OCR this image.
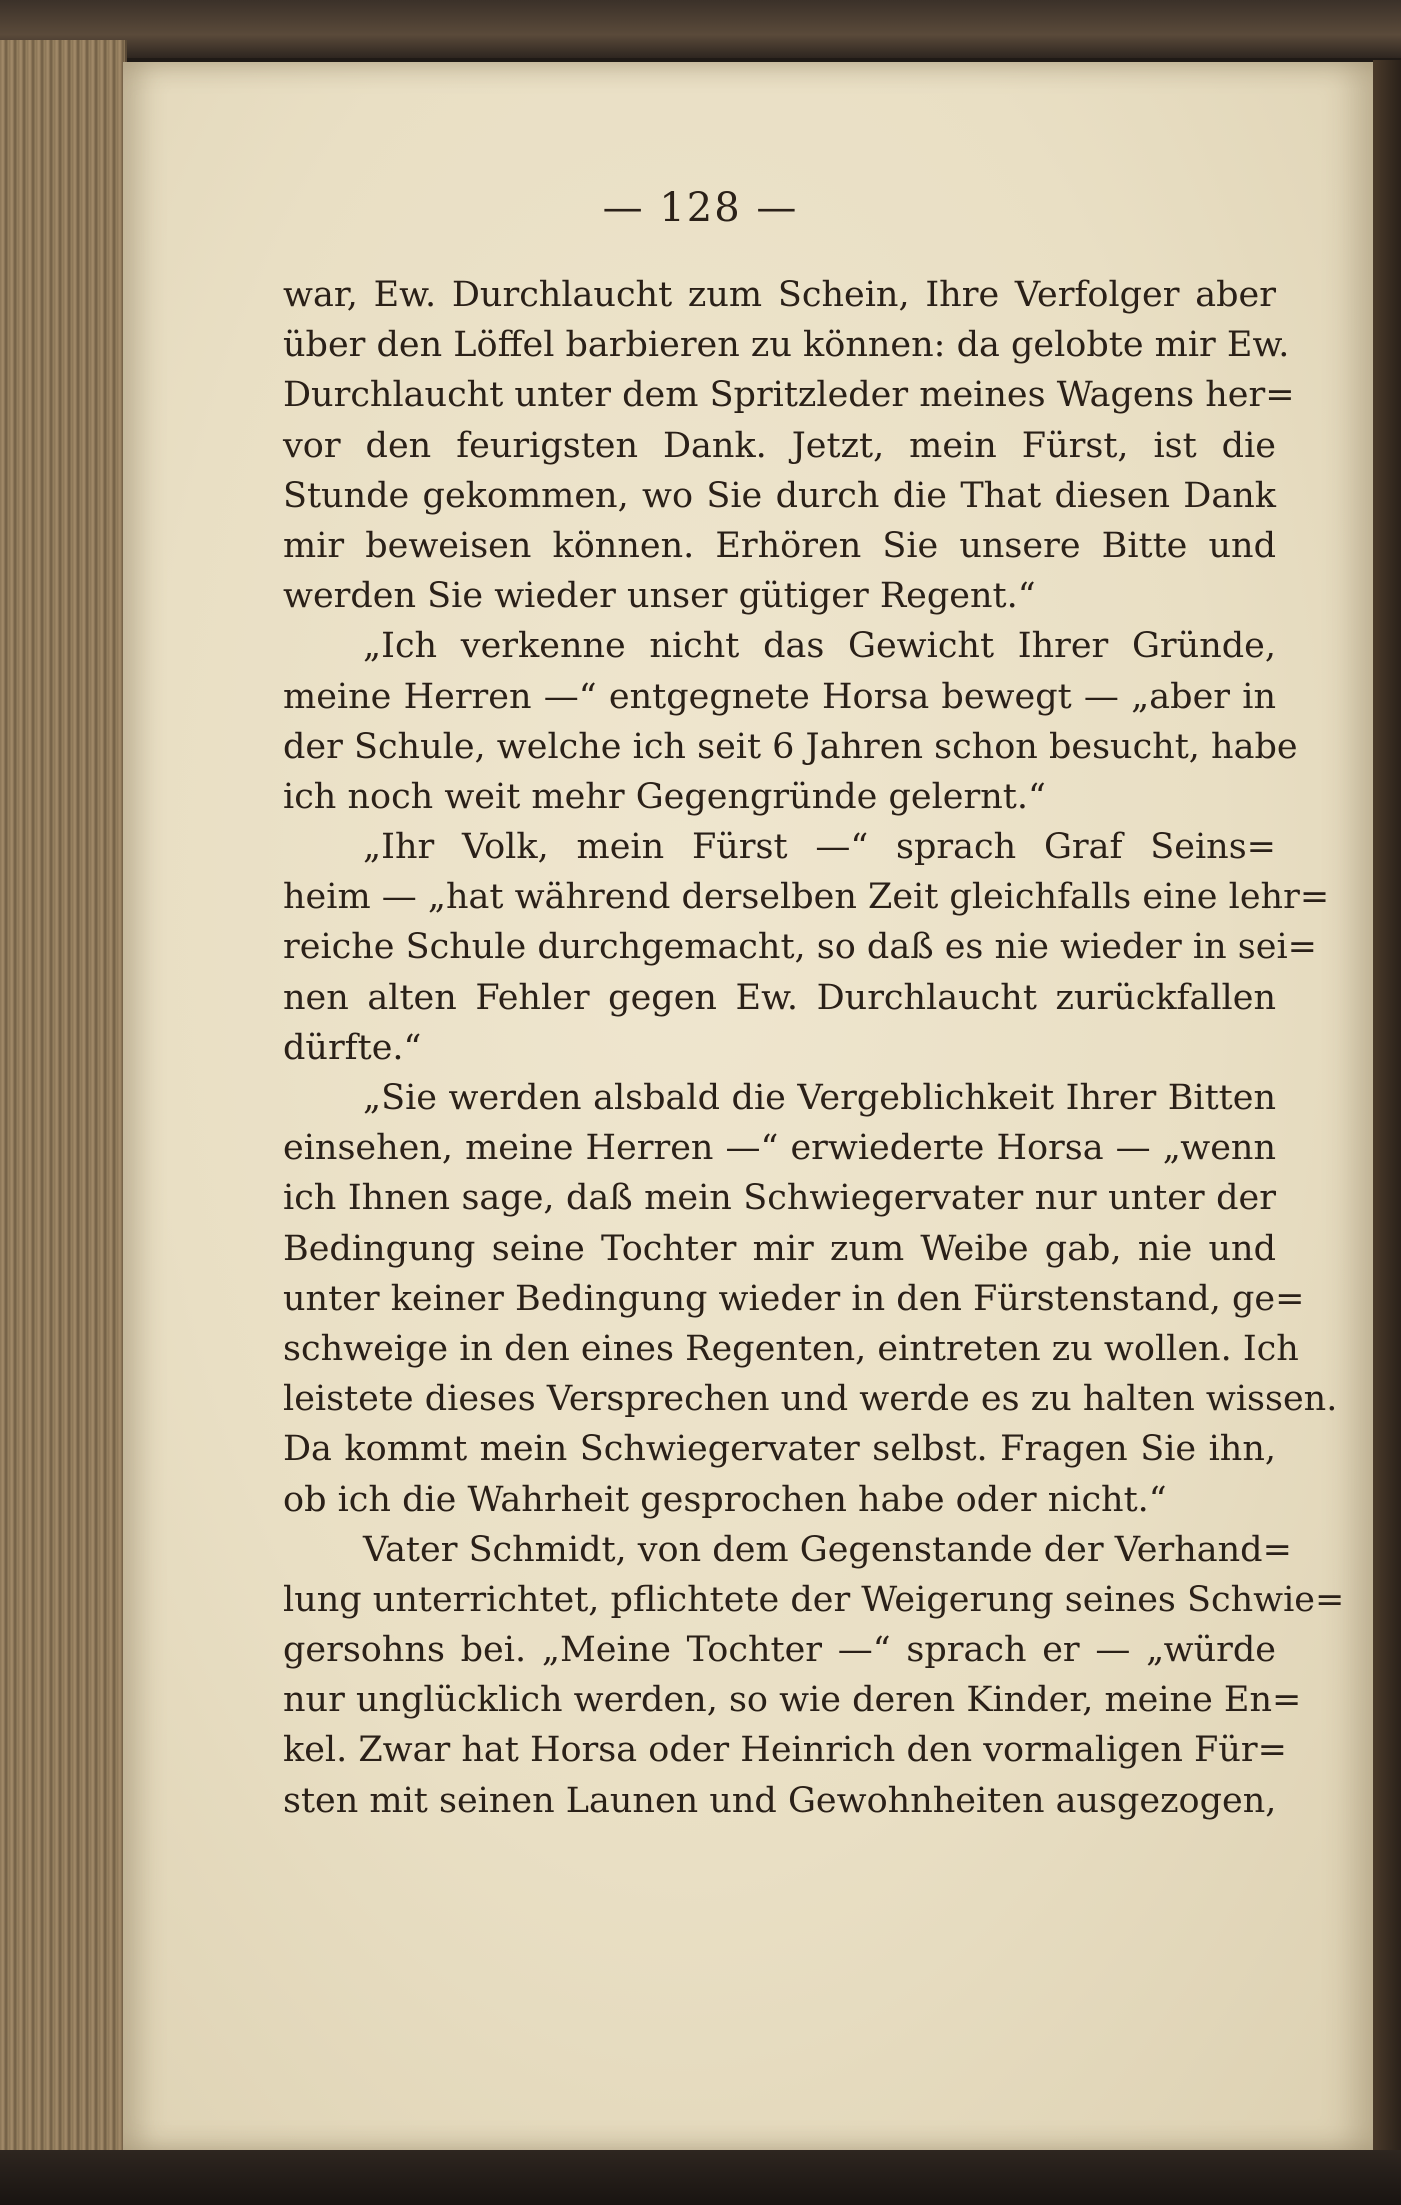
— 128 —
war, Ew. Durchlaucht zum Schein, Ihre Verfolger aber
über den Löffel barbieren zu können: da gelobte mir Ew.
Durchlaucht unter dem Spritzleder meines Wagens her=
vor den feurigsten Dank. Jetzt, mein Fürst, ist die
Stunde gekommen, wo Sie durch die That diesen Dank
mir beweisen können. Erhören Sie unsere Bitte und
werden Sie wieder unser gütiger Regent.“
„Ich verkenne nicht das Gewicht Ihrer Gründe,
meine Herren —“ entgegnete Horsa bewegt — „aber in
der Schule, welche ich seit 6 Jahren schon besucht, habe
ich noch weit mehr Gegengründe gelernt.“
„Ihr Volk, mein Fürst —“ sprach Graf Seins=
heim — „hat während derselben Zeit gleichfalls eine lehr=
reiche Schule durchgemacht, so daß es nie wieder in sei=
nen alten Fehler gegen Ew. Durchlaucht zurückfallen
dürfte.“
„Sie werden alsbald die Vergeblichkeit Ihrer Bitten
einsehen, meine Herren —“ erwiederte Horsa — „wenn
ich Ihnen sage, daß mein Schwiegervater nur unter der
Bedingung seine Tochter mir zum Weibe gab, nie und
unter keiner Bedingung wieder in den Fürstenstand, ge=
schweige in den eines Regenten, eintreten zu wollen. Ich
leistete dieses Versprechen und werde es zu halten wissen.
Da kommt mein Schwiegervater selbst. Fragen Sie ihn,
ob ich die Wahrheit gesprochen habe oder nicht.“
Vater Schmidt, von dem Gegenstande der Verhand=
lung unterrichtet, pflichtete der Weigerung seines Schwie=
gersohns bei. „Meine Tochter —“ sprach er — „würde
nur unglücklich werden, so wie deren Kinder, meine En=
kel. Zwar hat Horsa oder Heinrich den vormaligen Für=
sten mit seinen Launen und Gewohnheiten ausgezogen,
